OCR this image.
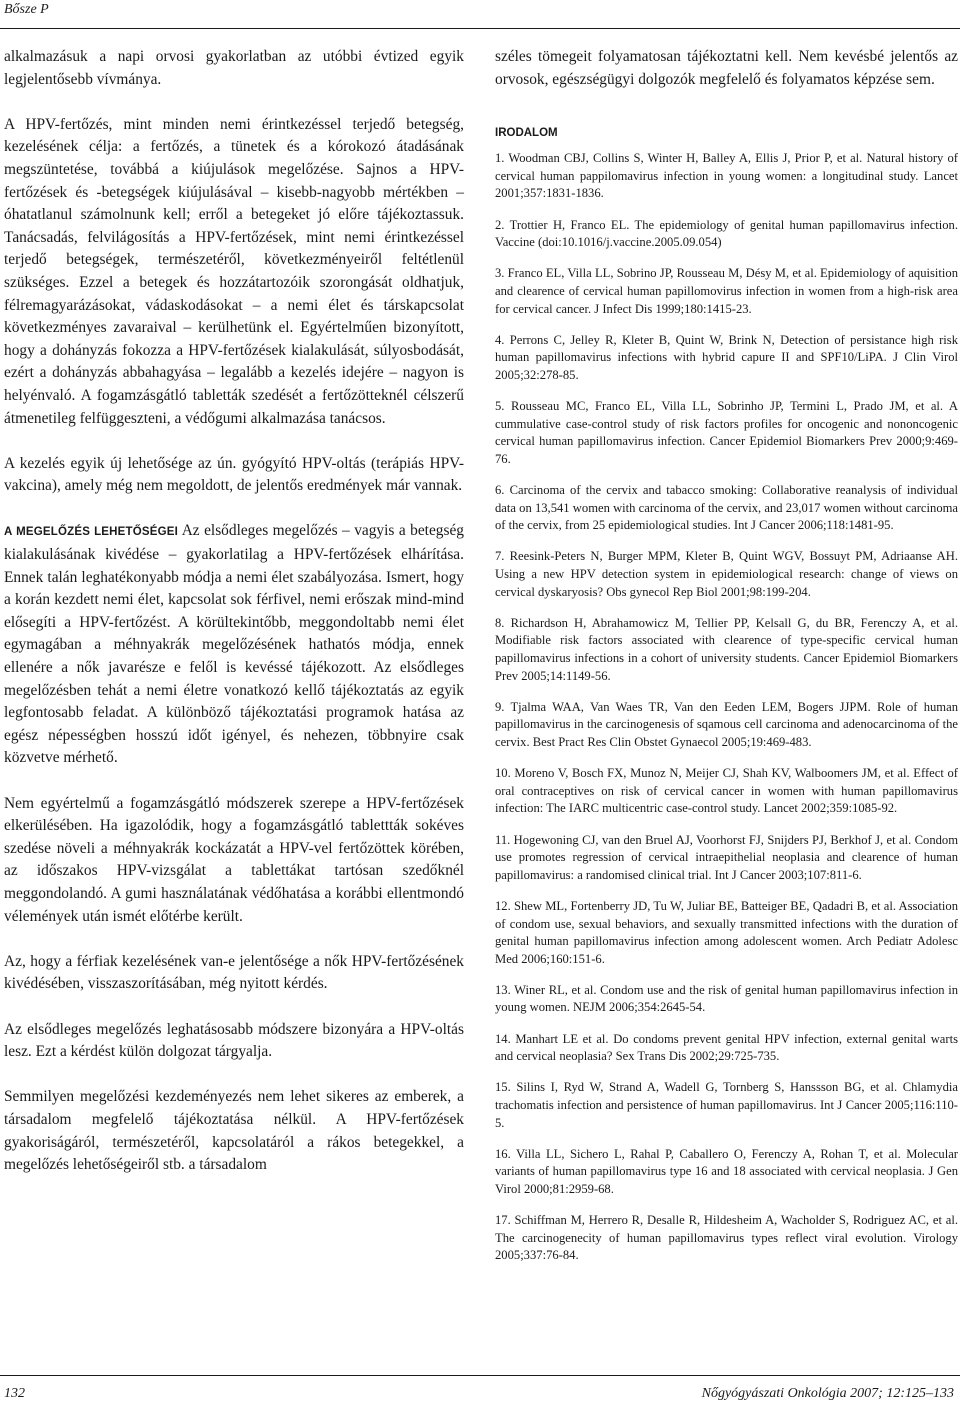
Bősze P

alkalmazásuk a napi orvosi gyakorlatban az utóbbi évtized egyik legjelentősebb vívmánya.

A HPV-fertőzés, mint minden nemi érintkezéssel terjedő betegség, kezelésének célja: a fertőzés, a tünetek és a kórokozó átadásának megszüntetése, továbbá a kiújulások megelőzése. Sajnos a HPV-fertőzések és -betegségek kiújulásával – kisebb-nagyobb mértékben – óhatatlanul számolnunk kell; erről a betegeket jó előre tájékoztassuk. Tanácsadás, felvilágosítás a HPV-fertőzések, mint nemi érintkezéssel terjedő betegségek, természetéről, következményeiről feltétlenül szükséges. Ezzel a betegek és hozzátartozóik szorongását oldhatjuk, félremagyarázásokat, vádaskodásokat – a nemi élet és társkapcsolat következményes zavaraival – kerülhetünk el. Egyértelműen bizonyított, hogy a dohányzás fokozza a HPV-fertőzések kialakulását, súlyosbodását, ezért a dohányzás abbahagyása – legalább a kezelés idejére – nagyon is helyénvaló. A fogamzásgátló tabletták szedését a fertőzötteknél célszerű átmenetileg felfüggeszteni, a védőgumi alkalmazása tanácsos.

A kezelés egyik új lehetősége az ún. gyógyító HPV-oltás (terápiás HPV-vakcina), amely még nem megoldott, de jelentős eredmények már vannak.

A MEGELŐZÉS LEHETŐSÉGEI Az elsődleges megelőzés – vagyis a betegség kialakulásának kivédése – gyakorlatilag a HPV-fertőzések elhárítása. Ennek talán leghatékonyabb módja a nemi élet szabályozása. Ismert, hogy a korán kezdett nemi élet, kapcsolat sok férfivel, nemi erőszak mind-mind elősegíti a HPV-fertőzést. A körültekintőbb, meggondoltabb nemi élet egymagában a méhnyakrák megelőzésének hathatós módja, ennek ellenére a nők javarésze e felől is kevéssé tájékozott. Az elsődleges megelőzésben tehát a nemi életre vonatkozó kellő tájékoztatás az egyik legfontosabb feladat. A különböző tájékoztatási programok hatása az egész népességben hosszú időt igényel, és nehezen, többnyire csak közvetve mérhető.

Nem egyértelmű a fogamzásgátló módszerek szerepe a HPV-fertőzések elkerülésében. Ha igazolódik, hogy a fogamzásgátló tablettták sokéves szedése növeli a méhnyakrák kockázatát a HPV-vel fertőzöttek körében, az időszakos HPV-vizsgálat a tablettákat tartósan szedőknél meggondolandó. A gumi használatának védőhatása a korábbi ellentmondó vélemények után ismét előtérbe került.

Az, hogy a férfiak kezelésének van-e jelentősége a nők HPV-fertőzésének kivédésében, visszaszorításában, még nyitott kérdés.

Az elsődleges megelőzés leghatásosabb módszere bizonyára a HPV-oltás lesz. Ezt a kérdést külön dolgozat tárgyalja.

Semmilyen megelőzési kezdeményezés nem lehet sikeres az emberek, a társadalom megfelelő tájékoztatása nélkül. A HPV-fertőzések gyakoriságáról, természetéről, kapcsolatáról a rákos betegekkel, a megelőzés lehetőségeiről stb. a társadalom

széles tömegeit folyamatosan tájékoztatni kell. Nem kevésbé jelentős az orvosok, egészségügyi dolgozók megfelelő és folyamatos képzése sem.

IRODALOM
1. Woodman CBJ, Collins S, Winter H, Balley A, Ellis J, Prior P, et al. Natural history of cervical human pappilomavirus infection in young women: a longitudinal study. Lancet 2001;357:1831-1836.
2. Trottier H, Franco EL. The epidemiology of genital human papillomavirus infection. Vaccine (doi:10.1016/j.vaccine.2005.09.054)
3. Franco EL, Villa LL, Sobrino JP, Rousseau M, Désy M, et al. Epidemiology of aquisition and clearence of cervical human papillomovirus infection in women from a high-risk area for cervical cancer. J Infect Dis 1999;180:1415-23.
4. Perrons C, Jelley R, Kleter B, Quint W, Brink N, Detection of persistance high risk human papillomavirus infections with hybrid capure II and SPF10/LiPA. J Clin Virol 2005;32:278-85.
5. Rousseau MC, Franco EL, Villa LL, Sobrinho JP, Termini L, Prado JM, et al. A cummulative case-control study of risk factors profiles for oncogenic and nononcogenic cervical human papillomavirus infection. Cancer Epidemiol Biomarkers Prev 2000;9:469-76.
6. Carcinoma of the cervix and tabacco smoking: Collaborative reanalysis of individual data on 13,541 women with carcinoma of the cervix, and 23,017 women without carcinoma of the cervix, from 25 epidemiological studies. Int J Cancer 2006;118:1481-95.
7. Reesink-Peters N, Burger MPM, Kleter B, Quint WGV, Bossuyt PM, Adriaanse AH. Using a new HPV detection system in epidemiological research: change of views on cervical dyskaryosis? Obs gynecol Rep Biol 2001;98:199-204.
8. Richardson H, Abrahamowicz M, Tellier PP, Kelsall G, du BR, Ferenczy A, et al. Modifiable risk factors associated with clearence of type-specific cervical human papillomavirus infections in a cohort of university students. Cancer Epidemiol Biomarkers Prev 2005;14:1149-56.
9. Tjalma WAA, Van Waes TR, Van den Eeden LEM, Bogers JJPM. Role of human papillomavirus in the carcinogenesis of sqamous cell carcinoma and adenocarcinoma of the cervix. Best Pract Res Clin Obstet Gynaecol 2005;19:469-483.
10. Moreno V, Bosch FX, Munoz N, Meijer CJ, Shah KV, Walboomers JM, et al. Effect of oral contraceptives on risk of cervical cancer in women with human papillomavirus infection: The IARC multicentric case-control study. Lancet 2002;359:1085-92.
11. Hogewoning CJ, van den Bruel AJ, Voorhorst FJ, Snijders PJ, Berkhof J, et al. Condom use promotes regression of cervical intraepithelial neoplasia and clearence of human papillomavirus: a randomised clinical trial. Int J Cancer 2003;107:811-6.
12. Shew ML, Fortenberry JD, Tu W, Juliar BE, Batteiger BE, Qadadri B, et al. Association of condom use, sexual behaviors, and sexually transmitted infections with the duration of genital human papillomavirus infection among adolescent women. Arch Pediatr Adolesc Med 2006;160:151-6.
13. Winer RL, et al. Condom use and the risk of genital human papillomavirus infection in young women. NEJM 2006;354:2645-54.
14. Manhart LE et al. Do condoms prevent genital HPV infection, external genital warts and cervical neoplasia? Sex Trans Dis 2002;29:725-735.
15. Silins I, Ryd W, Strand A, Wadell G, Tornberg S, Hanssson BG, et al. Chlamydia trachomatis infection and persistence of human papillomavirus. Int J Cancer 2005;116:110-5.
16. Villa LL, Sichero L, Rahal P, Caballero O, Ferenczy A, Rohan T, et al. Molecular variants of human papillomavirus type 16 and 18 associated with cervical neoplasia. J Gen Virol 2000;81:2959-68.
17. Schiffman M, Herrero R, Desalle R, Hildesheim A, Wacholder S, Rodriguez AC, et al. The carcinogenecity of human papillomavirus types reflect viral evolution. Virology 2005;337:76-84.
132	Nőgyógyászati Onkológia 2007; 12:125–133
